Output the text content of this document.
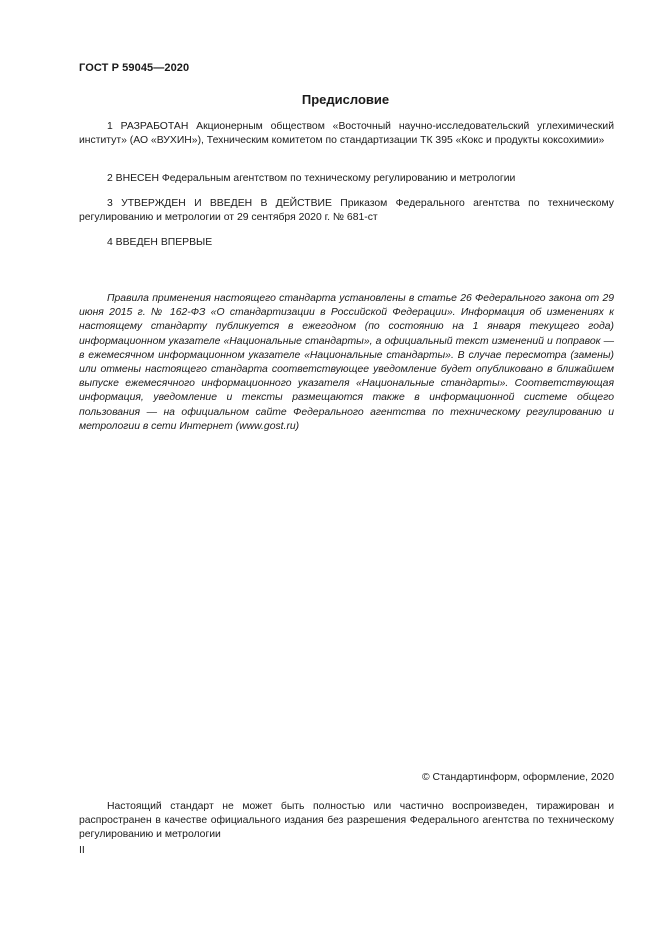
ГОСТ Р 59045—2020
Предисловие

1 РАЗРАБОТАН Акционерным обществом «Восточный научно-исследовательский углехимический институт» (АО «ВУХИН»), Техническим комитетом по стандартизации ТК 395 «Кокс и продукты коксохимии»

2 ВНЕСЕН Федеральным агентством по техническому регулированию и метрологии

3 УТВЕРЖДЕН И ВВЕДЕН В ДЕЙСТВИЕ Приказом Федерального агентства по техническому регулированию и метрологии от 29 сентября 2020 г. № 681-ст

4 ВВЕДЕН ВПЕРВЫЕ

Правила применения настоящего стандарта установлены в статье 26 Федерального закона от 29 июня 2015 г. № 162-ФЗ «О стандартизации в Российской Федерации». Информация об изменениях к настоящему стандарту публикуется в ежегодном (по состоянию на 1 января текущего года) информационном указателе «Национальные стандарты», а официальный текст изменений и поправок — в ежемесячном информационном указателе «Национальные стандарты». В случае пересмотра (замены) или отмены настоящего стандарта соответствующее уведомление будет опубликовано в ближайшем выпуске ежемесячного информационного указателя «Национальные стандарты». Соответствующая информация, уведомление и тексты размещаются также в информационной системе общего пользования — на официальном сайте Федерального агентства по техническому регулированию и метрологии в сети Интернет (www.gost.ru)

© Стандартинформ, оформление, 2020

Настоящий стандарт не может быть полностью или частично воспроизведен, тиражирован и распространен в качестве официального издания без разрешения Федерального агентства по техническому регулированию и метрологии

II
